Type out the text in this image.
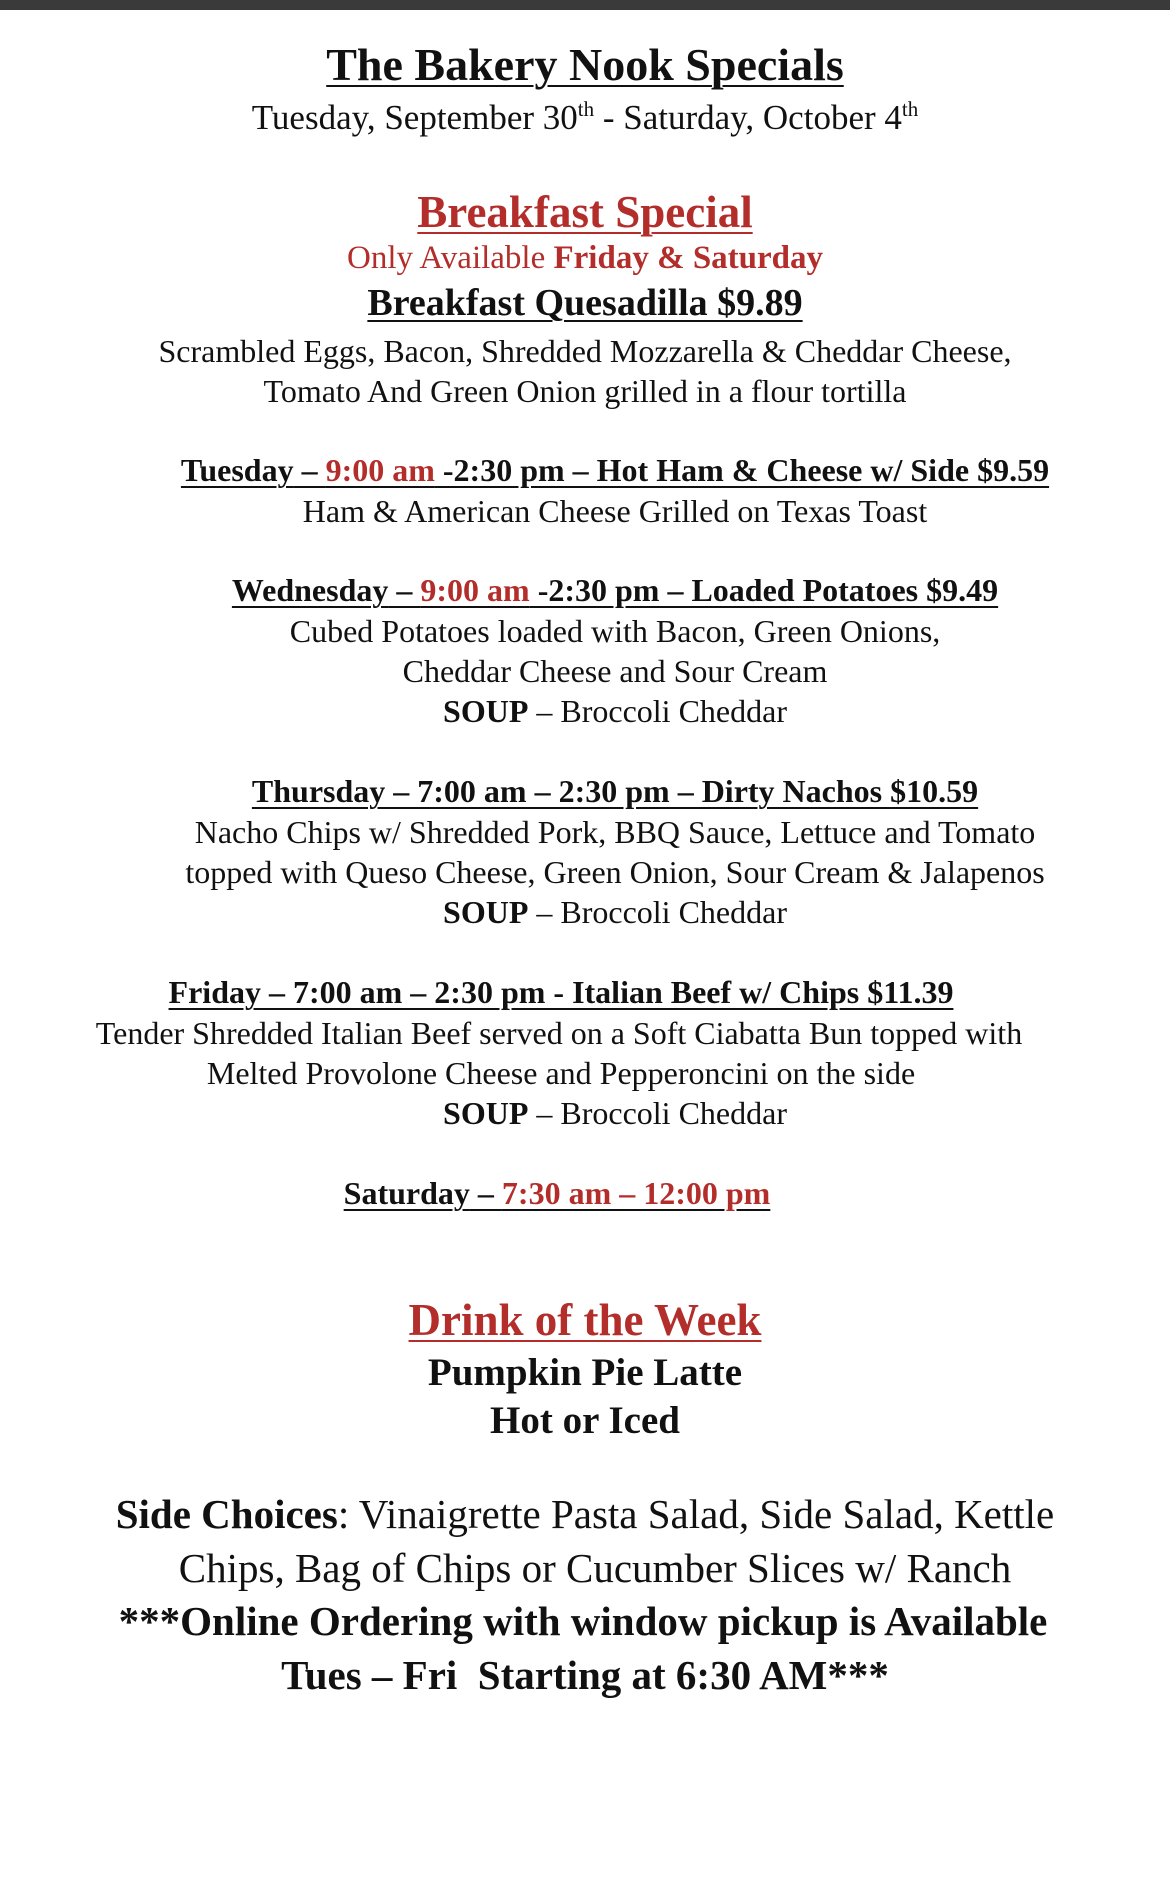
The Bakery Nook Specials
Tuesday, September 30th - Saturday, October 4th
Breakfast Special
Only Available Friday & Saturday
Breakfast Quesadilla $9.89
Scrambled Eggs, Bacon, Shredded Mozzarella & Cheddar Cheese,
Tomato And Green Onion grilled in a flour tortilla
Tuesday – 9:00 am -2:30 pm – Hot Ham & Cheese w/ Side $9.59
Ham & American Cheese Grilled on Texas Toast
Wednesday – 9:00 am -2:30 pm – Loaded Potatoes $9.49
Cubed Potatoes loaded with Bacon, Green Onions,
Cheddar Cheese and Sour Cream
SOUP – Broccoli Cheddar
Thursday – 7:00 am – 2:30 pm – Dirty Nachos $10.59
Nacho Chips w/ Shredded Pork, BBQ Sauce, Lettuce and Tomato
topped with Queso Cheese, Green Onion, Sour Cream & Jalapenos
SOUP – Broccoli Cheddar
Friday – 7:00 am – 2:30 pm - Italian Beef w/ Chips $11.39
Tender Shredded Italian Beef served on a Soft Ciabatta Bun topped with
Melted Provolone Cheese and Pepperoncini on the side
SOUP – Broccoli Cheddar
Saturday – 7:30 am – 12:00 pm
Drink of the Week
Pumpkin Pie Latte
Hot or Iced
Side Choices: Vinaigrette Pasta Salad, Side Salad, Kettle
Chips, Bag of Chips or Cucumber Slices w/ Ranch
***Online Ordering with window pickup is Available
Tues – Fri  Starting at 6:30 AM***
